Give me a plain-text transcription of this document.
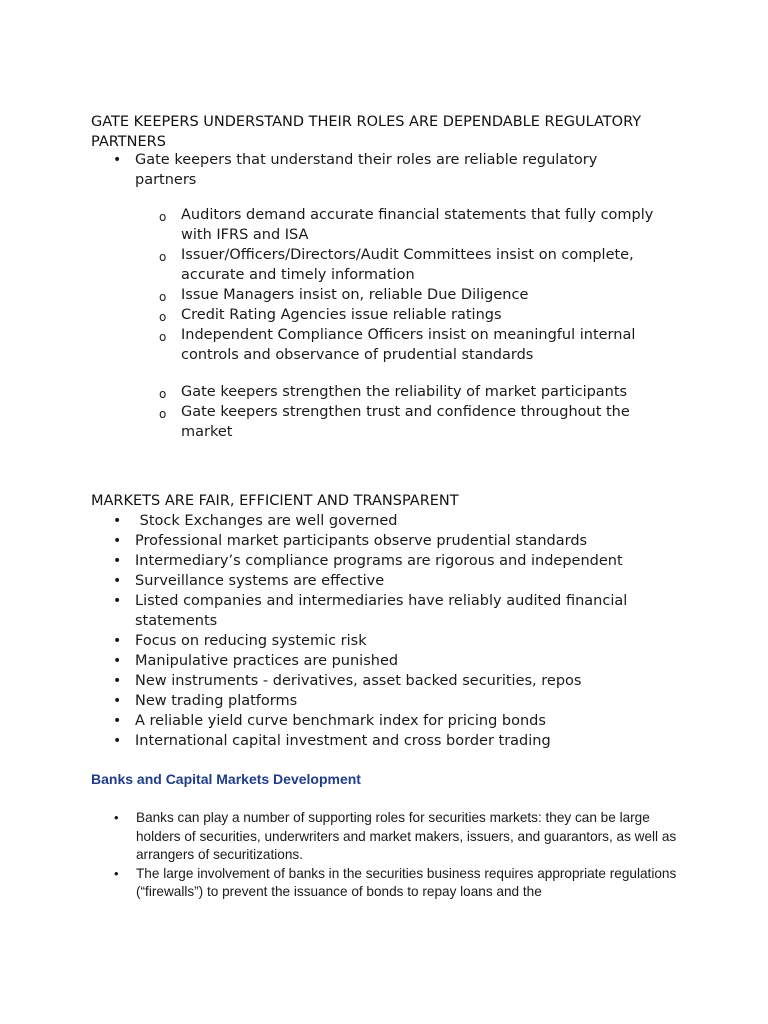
GATE KEEPERS UNDERSTAND THEIR ROLES ARE DEPENDABLE REGULATORY PARTNERS
• Gate keepers that understand their roles are reliable regulatory partners
o Auditors demand accurate financial statements that fully comply with IFRS and ISA
o Issuer/Officers/Directors/Audit Committees insist on complete, accurate and timely information
o Issue Managers insist on, reliable Due Diligence
o Credit Rating Agencies issue reliable ratings
o Independent Compliance Officers insist on meaningful internal controls and observance of prudential standards
o Gate keepers strengthen the reliability of market participants
o Gate keepers strengthen trust and confidence throughout the market
MARKETS ARE FAIR, EFFICIENT AND TRANSPARENT
• Stock Exchanges are well governed
• Professional market participants observe prudential standards
• Intermediary’s compliance programs are rigorous and independent
• Surveillance systems are effective
• Listed companies and intermediaries have reliably audited financial statements
• Focus on reducing systemic risk
• Manipulative practices are punished
• New instruments - derivatives, asset backed securities, repos
• New trading platforms
• A reliable yield curve benchmark index for pricing bonds
• International capital investment and cross border trading
Banks and Capital Markets Development
• Banks can play a number of supporting roles for securities markets: they can be large holders of securities, underwriters and market makers, issuers, and guarantors, as well as arrangers of securitizations.
• The large involvement of banks in the securities business requires appropriate regulations (“firewalls”) to prevent the issuance of bonds to repay loans and the
